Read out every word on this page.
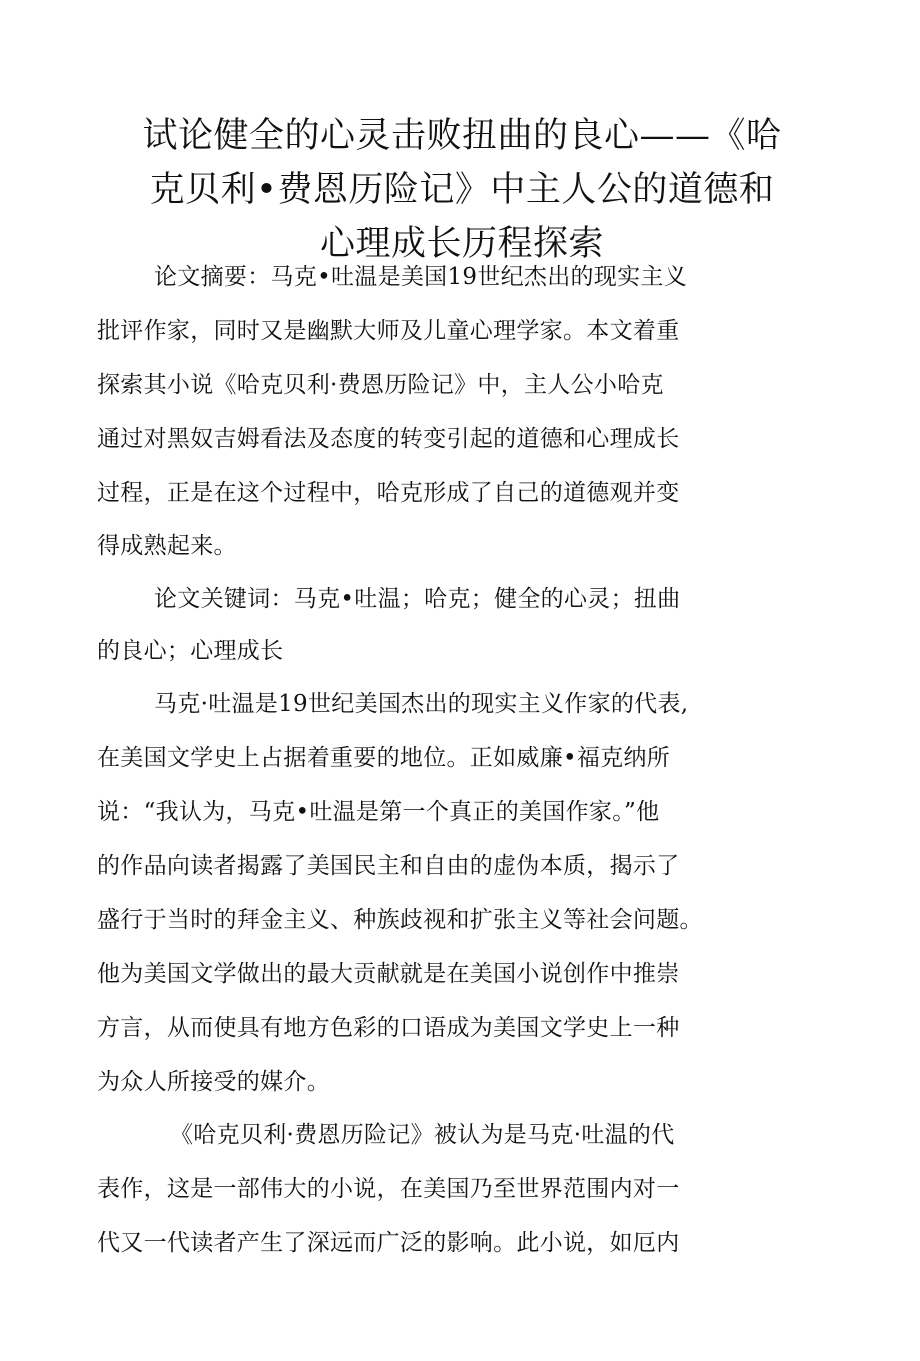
试论健全的心灵击败扭曲的良心——《哈
克贝利•费恩历险记》中主人公的道德和
心理成长历程探索
论文摘要：马克•吐温是美国19世纪杰出的现实主义
批评作家，同时又是幽默大师及儿童心理学家。本文着重
探索其小说《哈克贝利·费恩历险记》中，主人公小哈克
通过对黑奴吉姆看法及态度的转变引起的道德和心理成长
过程，正是在这个过程中，哈克形成了自己的道德观并变
得成熟起来。
论文关键词：马克•吐温；哈克；健全的心灵；扭曲
的良心；心理成长
马克·吐温是19世纪美国杰出的现实主义作家的代表,
在美国文学史上占据着重要的地位。正如威廉•福克纳所
说：“我认为，马克•吐温是第一个真正的美国作家。”他
的作品向读者揭露了美国民主和自由的虚伪本质，揭示了
盛行于当时的拜金主义、种族歧视和扩张主义等社会问题。
他为美国文学做出的最大贡献就是在美国小说创作中推崇
方言，从而使具有地方色彩的口语成为美国文学史上一种
为众人所接受的媒介。
《哈克贝利·费恩历险记》被认为是马克·吐温的代
表作，这是一部伟大的小说，在美国乃至世界范围内对一
代又一代读者产生了深远而广泛的影响。此小说，如厄内
